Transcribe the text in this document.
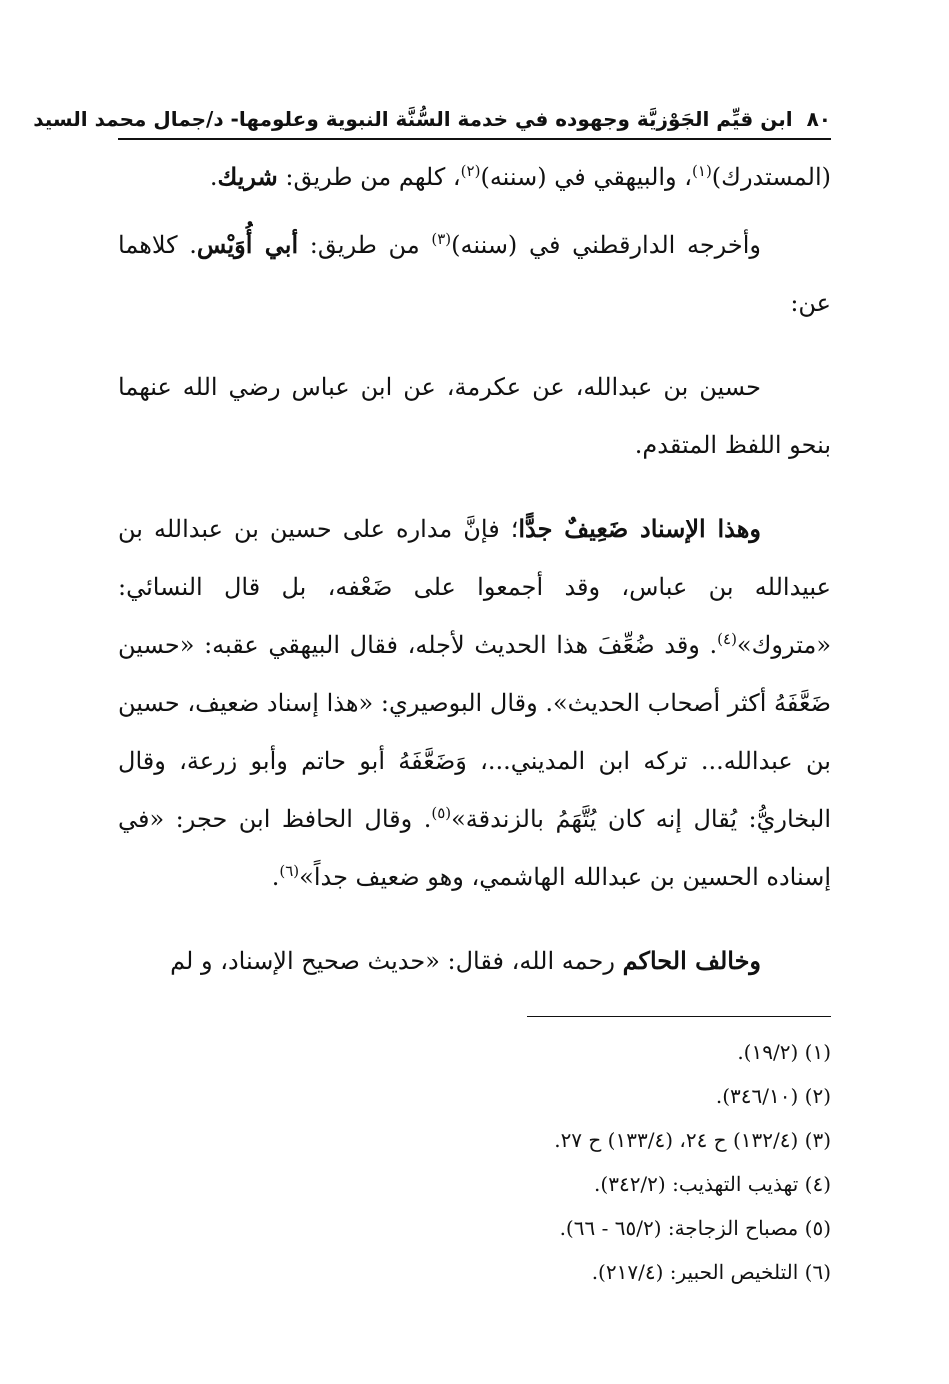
٨٠ابن قيِّم الجَوْزيَّة وجهوده في خدمة السُّنَّة النبوية وعلومها- د/جمال محمد السيد

(المستدرك)$^{(١)}$، والبيهقي في (سننه)$^{(٢)}$، كلهم من طريق: شريك.

وأخرجه الدارقطني في (سننه)$^{(٣)}$ من طريق: أبي أُوَيْس. كلاهما عن:

حسين بن عبدالله، عن عكرمة، عن ابن عباس رضي الله عنهما بنحو اللفظ المتقدم.

وهذا الإسناد ضَعِيفٌ جدًّا؛ فإنَّ مداره على حسين بن عبدالله بن عبيدالله بن عباس، وقد أجمعوا على ضَعْفه، بل قال النسائي: «متروك»$^{(٤)}$. وقد ضُعِّفَ هذا الحديث لأجله، فقال البيهقي عقبه: «حسين ضَعَّفَهُ أكثر أصحاب الحديث». وقال البوصيري: «هذا إسناد ضعيف، حسين بن عبدالله... تركه ابن المديني...، وَضَعَّفَهُ أبو حاتم وأبو زرعة، وقال البخاريُّ: يُقال إنه كان يُتَّهَمُ بالزندقة»$^{(٥)}$. وقال الحافظ ابن حجر: «في إسناده الحسين بن عبدالله الهاشمي، وهو ضعيف جداً»$^{(٦)}$.

وخالف الحاكم رحمه الله، فقال: «حديث صحيح الإسناد، و لم

(١) (١٩/٢).
(٢) (٣٤٦/١٠).
(٣) (١٣٢/٤) ح ٢٤، (١٣٣/٤) ح ٢٧.
(٤) تهذيب التهذيب: (٣٤٢/٢).
(٥) مصباح الزجاجة: (٦٥/٢ - ٦٦).
(٦) التلخيص الحبير: (٢١٧/٤).
